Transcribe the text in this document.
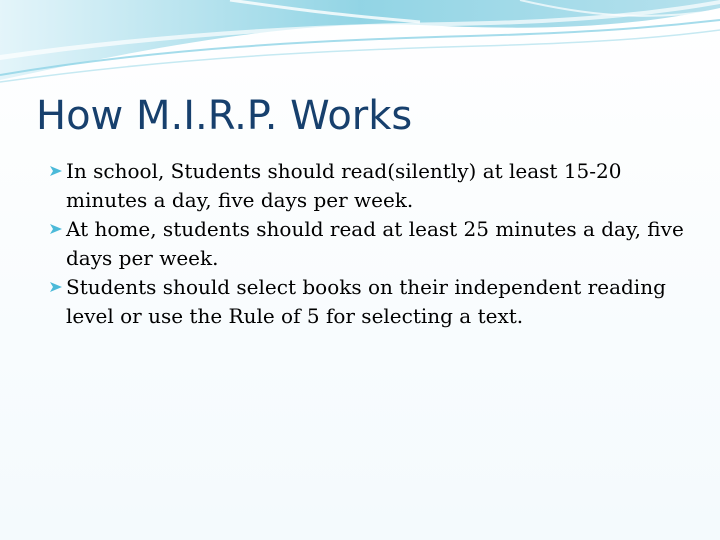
How M.I.R.P. Works
In school, Students should read(silently) at least 15-20 minutes a day, five days per week.
At home, students should read at least 25 minutes a day, five days per week.
Students should select books on their independent reading level or use the Rule of 5 for selecting a text.
